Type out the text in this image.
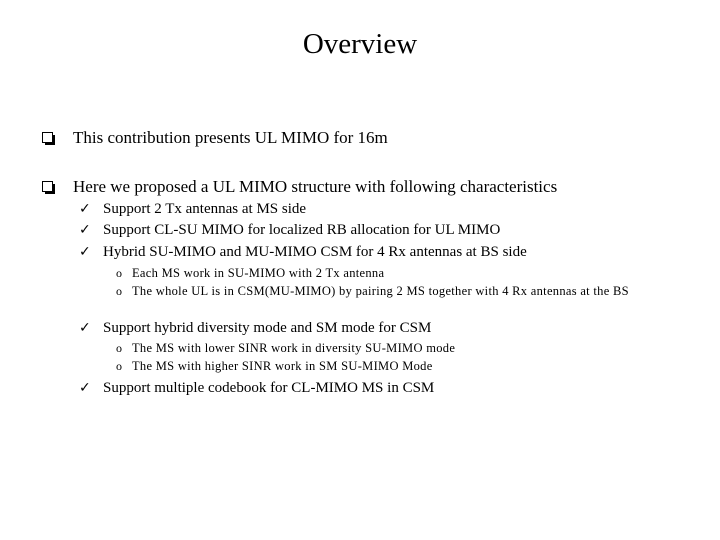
Overview
This contribution presents UL MIMO for 16m
Here we proposed a UL MIMO structure with following characteristics
✓ Support 2 Tx antennas at MS side
✓ Support CL-SU MIMO for localized RB allocation for UL MIMO
✓ Hybrid SU-MIMO and MU-MIMO CSM for 4 Rx antennas at BS side
o Each MS work in SU-MIMO with 2 Tx antenna
o The whole UL is in CSM(MU-MIMO) by pairing 2 MS together with 4 Rx antennas at the BS
✓ Support hybrid diversity mode and SM mode for CSM
o The MS with lower SINR work in diversity SU-MIMO mode
o The MS with higher SINR work in SM SU-MIMO Mode
✓ Support multiple codebook for CL-MIMO MS in CSM
